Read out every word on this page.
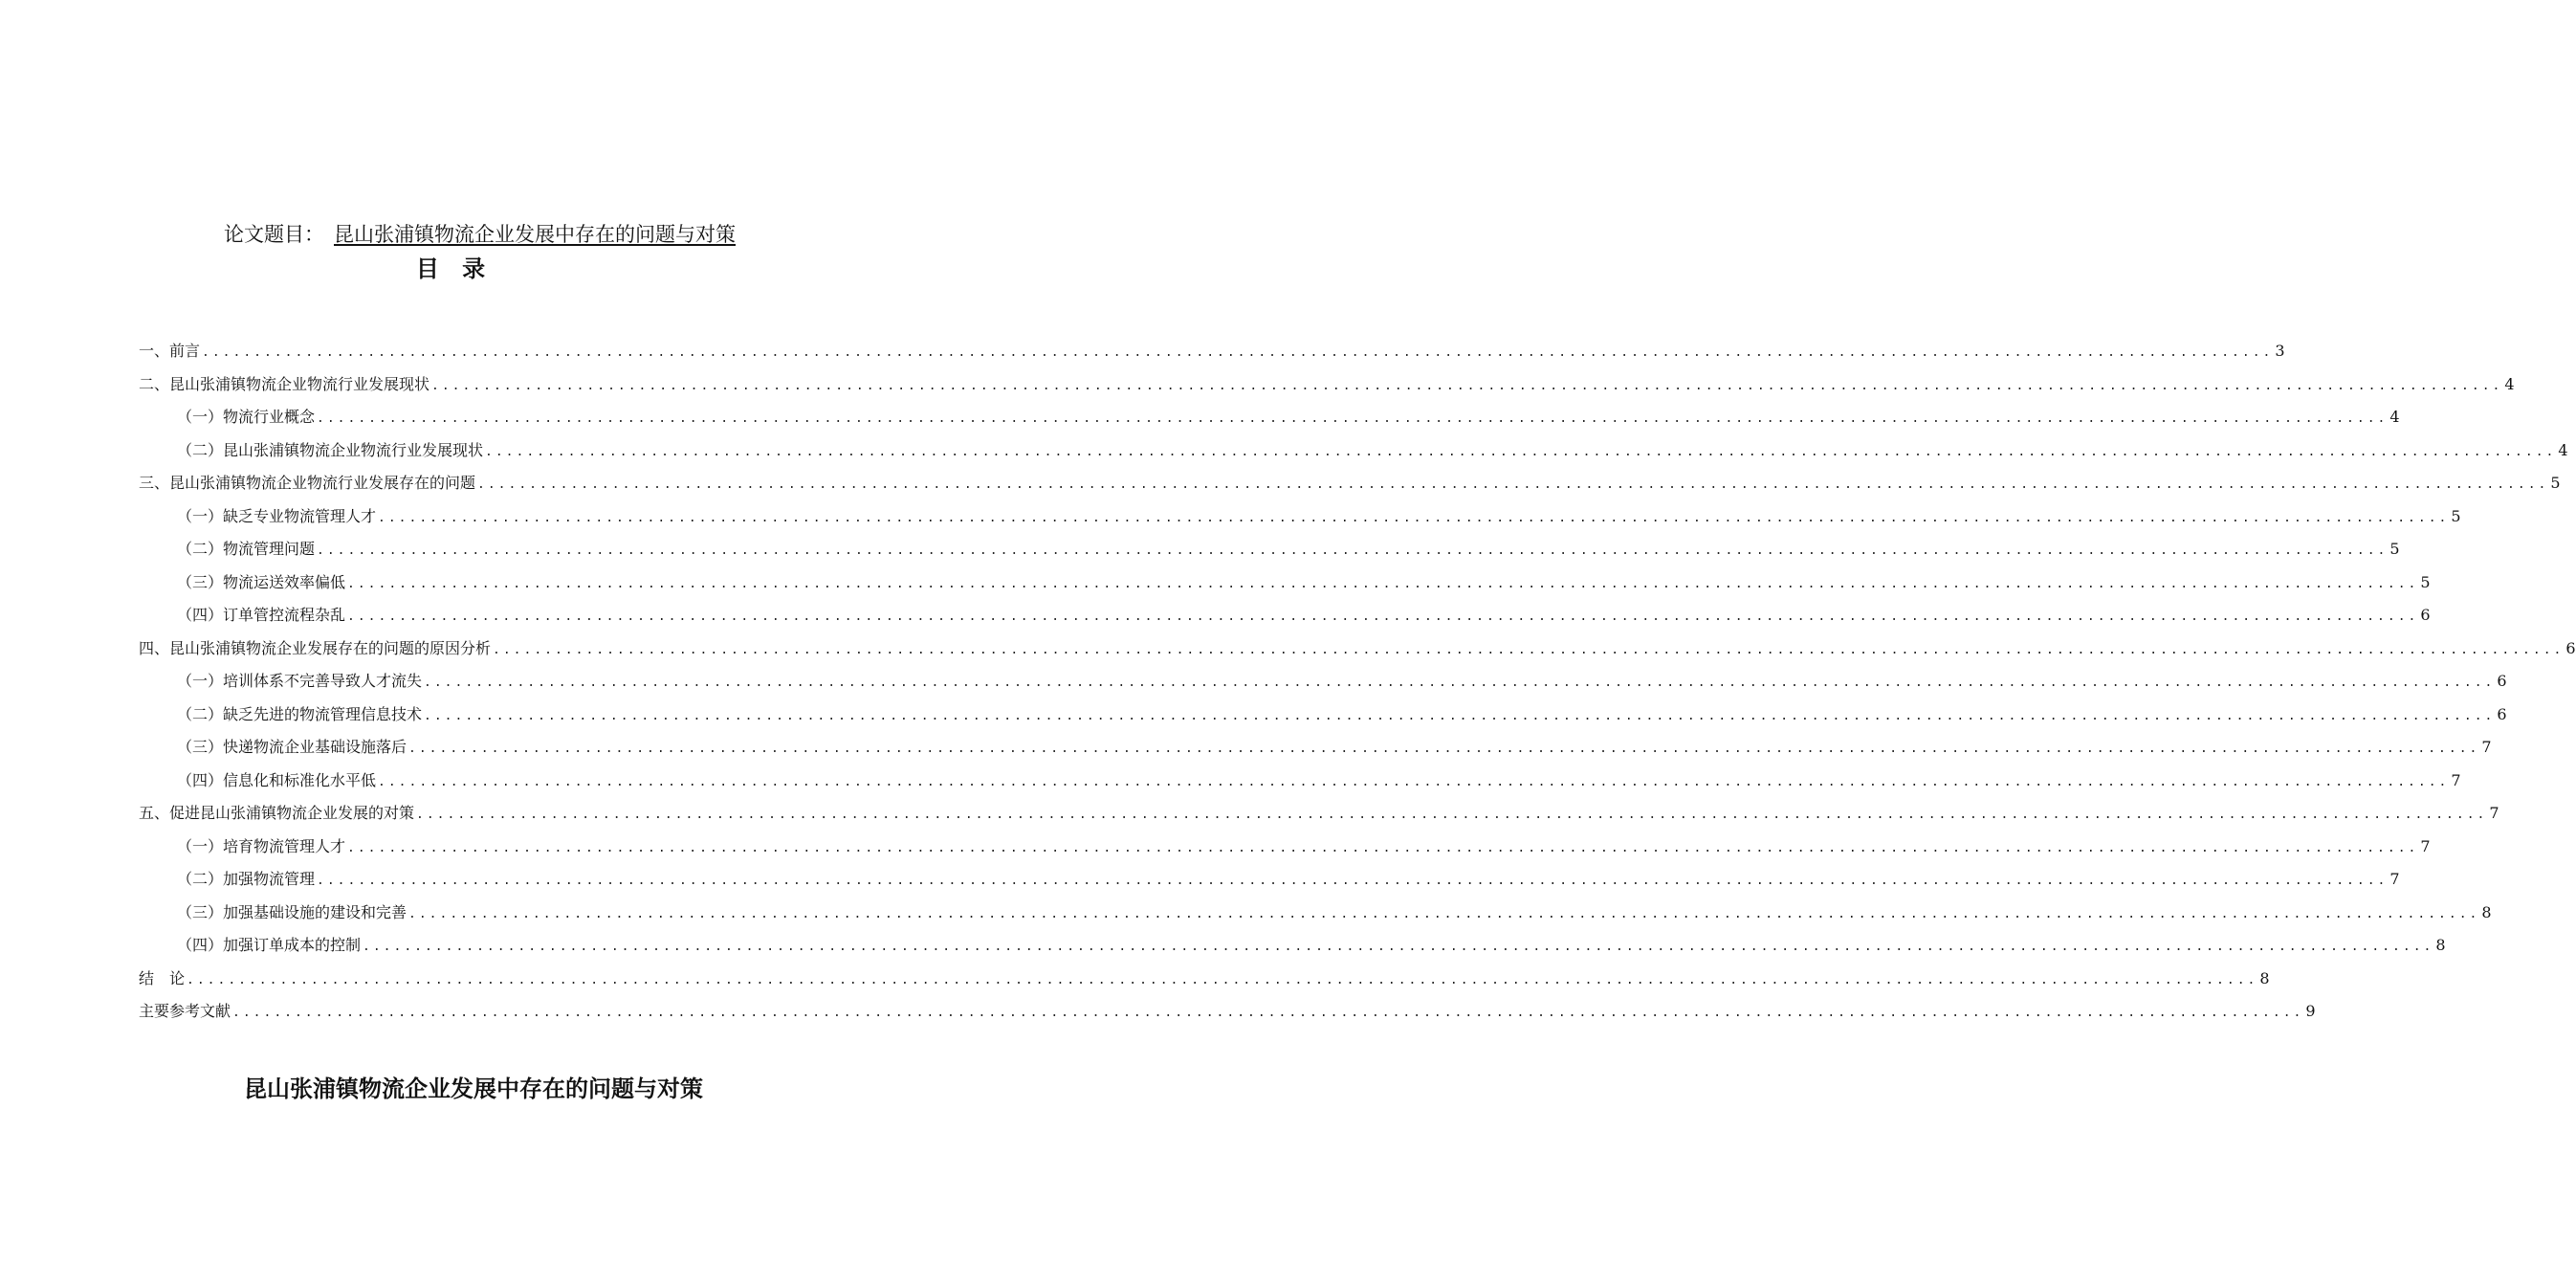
论文题目： 昆山张浦镇物流企业发展中存在的问题与对策
目 录
一、前言 ........................................................................................................................................................................................................ 3
二、昆山张浦镇物流企业物流行业发展现状 ........................................................................................................................................................................................................ 4
（一）物流行业概念 ........................................................................................................................................................................................................ 4
（二）昆山张浦镇物流企业物流行业发展现状 ........................................................................................................................................................................................................ 4
三、昆山张浦镇物流企业物流行业发展存在的问题 ........................................................................................................................................................................................................ 5
（一）缺乏专业物流管理人才 ........................................................................................................................................................................................................ 5
（二）物流管理问题 ........................................................................................................................................................................................................ 5
（三）物流运送效率偏低 ........................................................................................................................................................................................................ 5
（四）订单管控流程杂乱 ........................................................................................................................................................................................................ 6
四、昆山张浦镇物流企业发展存在的问题的原因分析 ........................................................................................................................................................................................................ 6
（一）培训体系不完善导致人才流失 ........................................................................................................................................................................................................ 6
（二）缺乏先进的物流管理信息技术 ........................................................................................................................................................................................................ 6
（三）快递物流企业基础设施落后 ........................................................................................................................................................................................................ 7
（四）信息化和标准化水平低 ........................................................................................................................................................................................................ 7
五、促进昆山张浦镇物流企业发展的对策 ........................................................................................................................................................................................................ 7
（一）培育物流管理人才 ........................................................................................................................................................................................................ 7
（二）加强物流管理 ........................................................................................................................................................................................................ 7
（三）加强基础设施的建设和完善 ........................................................................................................................................................................................................ 8
（四）加强订单成本的控制 ........................................................................................................................................................................................................ 8
结　论 ........................................................................................................................................................................................................ 8
主要参考文献 ........................................................................................................................................................................................................ 9
昆山张浦镇物流企业发展中存在的问题与对策
